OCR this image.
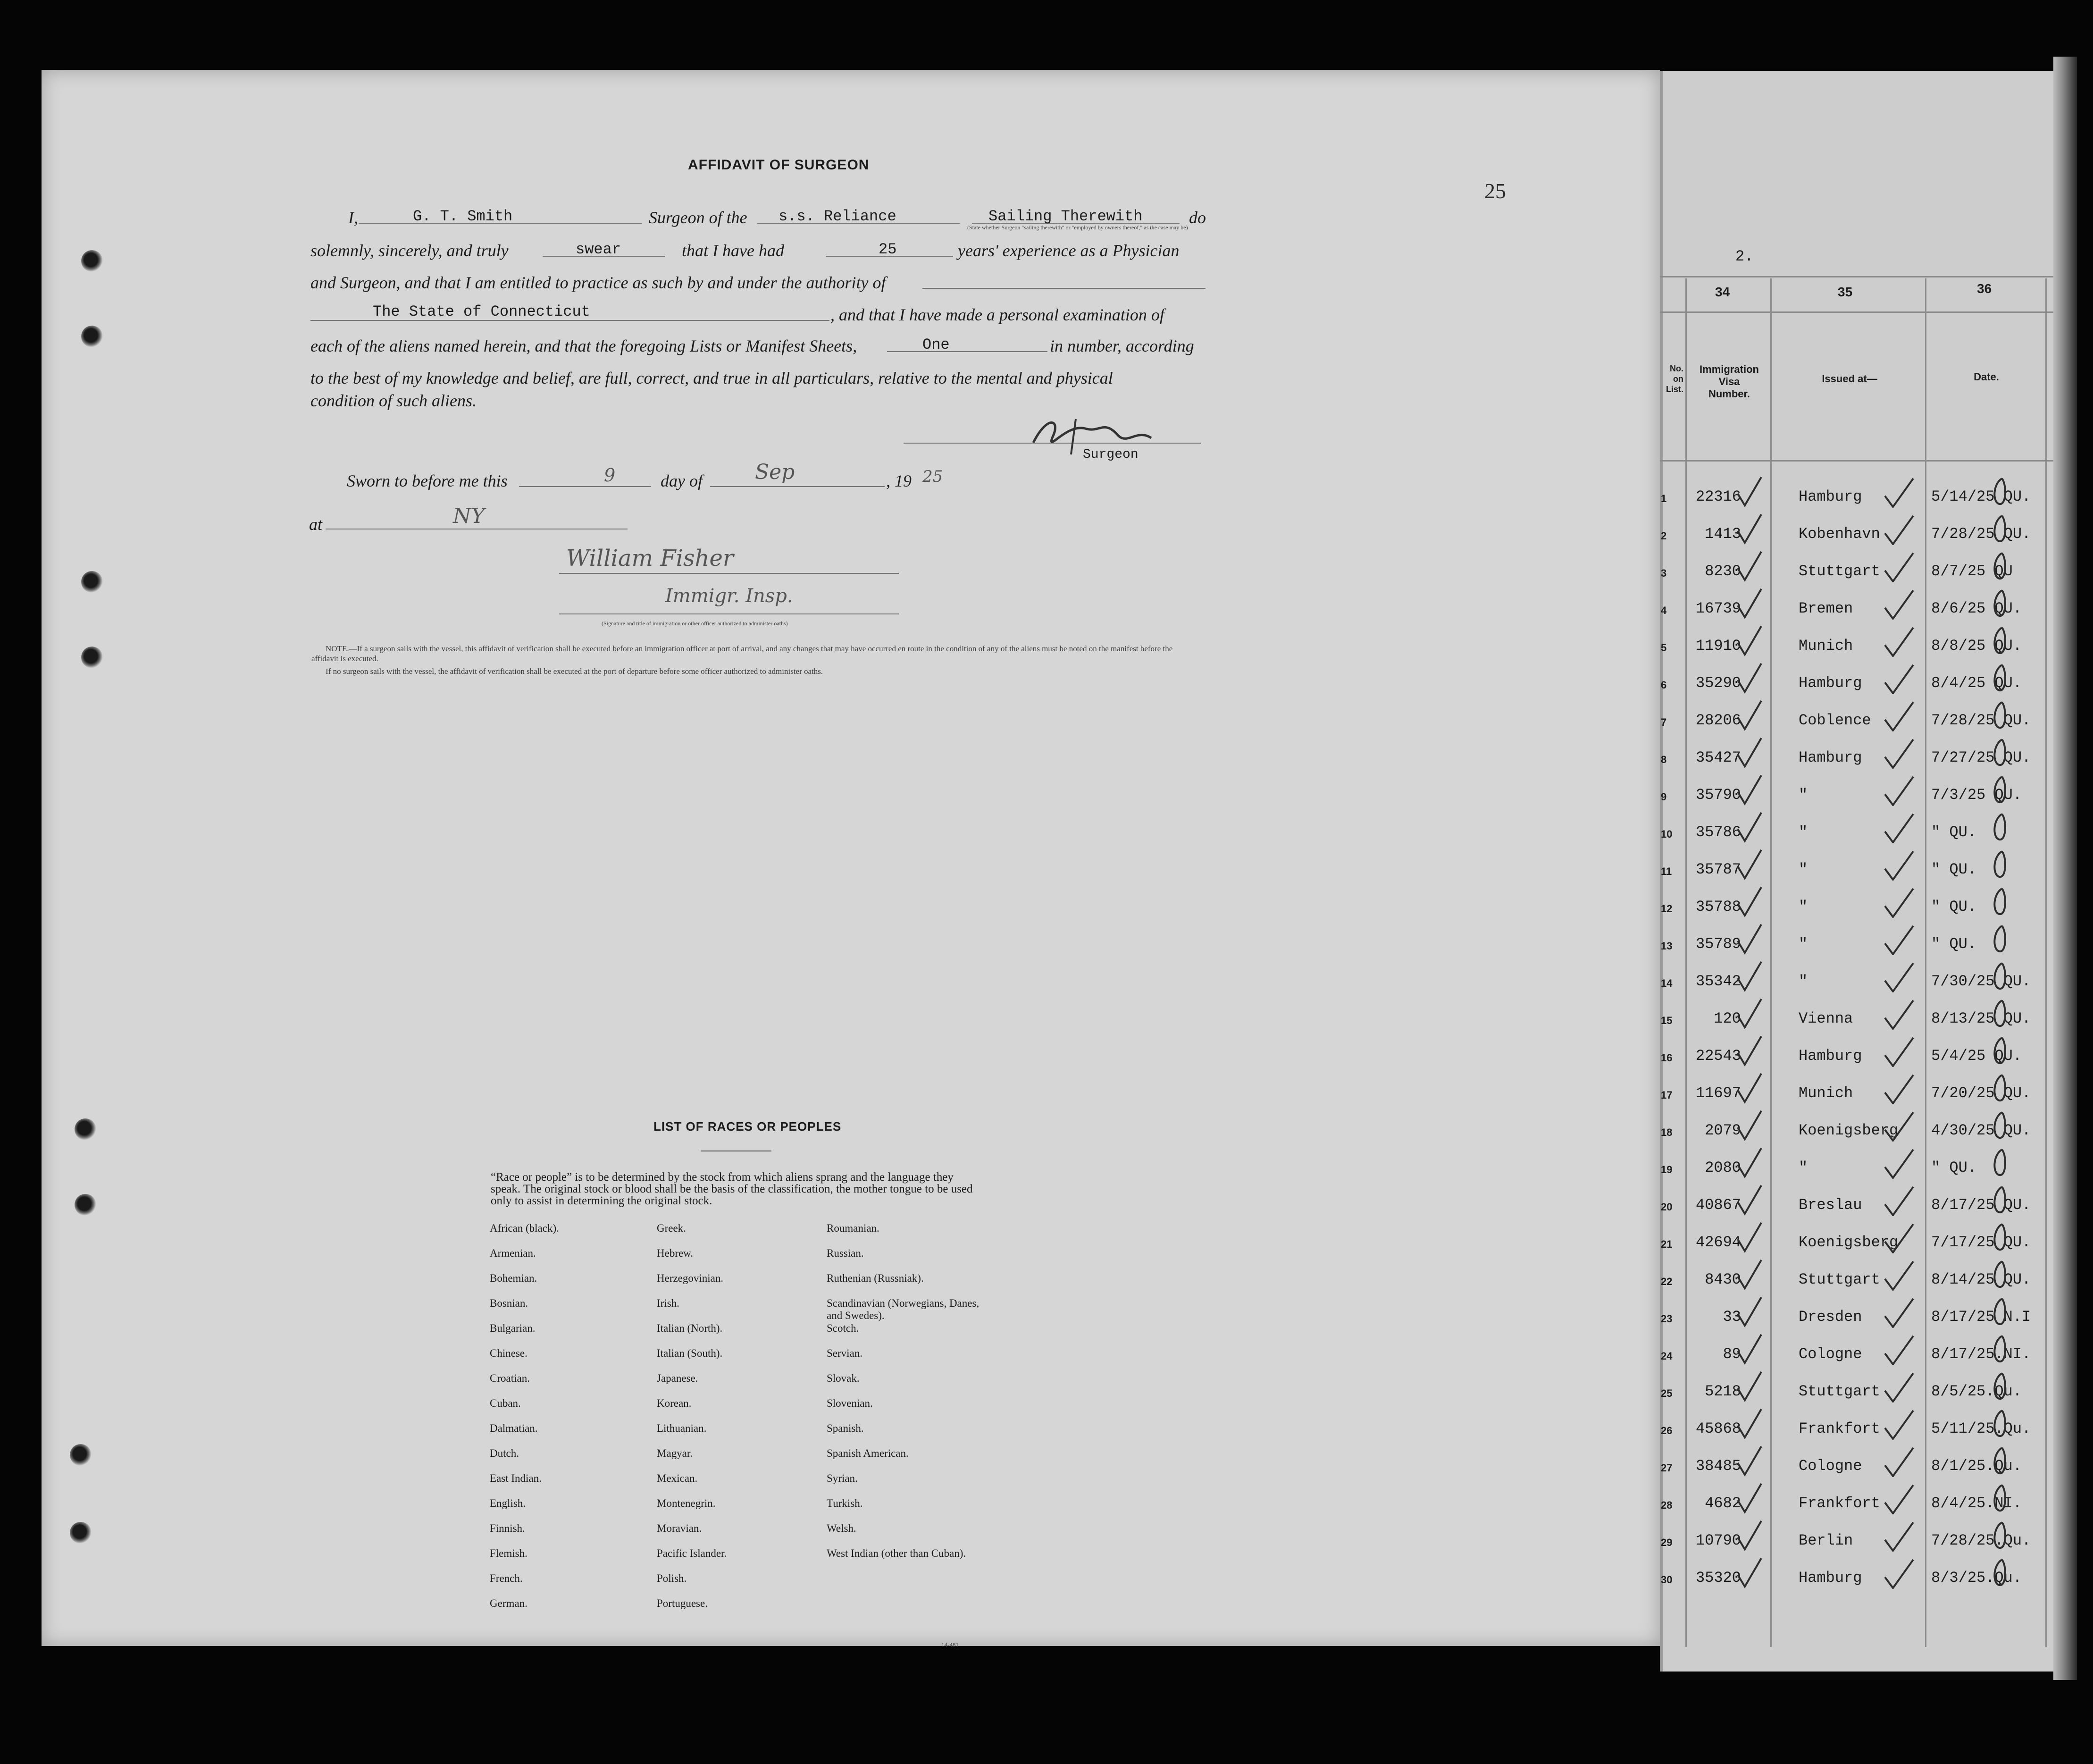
AFFIDAVIT OF SURGEON
I,	G. T. Smith	Surgeon of the s.s. Reliance	Sailing Therewith
(State whether Surgeon "sailing therewith" or "employed by owners thereof," as the case may be)
do
solemnly, sincerely, and truly	swear	that I have had	25	years' experience as a Physician
and Surgeon, and that I am entitled to practice as such by and under the authority of
The State of Connecticut	, and that I have made a personal examination of
each of the aliens named herein, and that the foregoing Lists or Manifest Sheets,	One	in number, according
to the best of my knowledge and belief, are full, correct, and true in all particulars, relative to the mental and physical
condition of such aliens.
Surgeon
Sworn to before me this	9	day of	Sep	, 19 25
at	NY
William Fisher
Immigr. Insp.
(Signature and title of immigration or other officer authorized to administer oaths)
NOTE.—If a surgeon sails with the vessel, this affidavit of verification shall be executed before an immigration officer at port of arrival, and any changes that may have occurred en route in the condition of any of the aliens must be noted on the manifest before the affidavit is executed.
If no surgeon sails with the vessel, the affidavit of verification shall be executed at the port of departure before some officer authorized to administer oaths.
LIST OF RACES OR PEOPLES
“Race or people” is to be determined by the stock from which aliens sprang and the language they speak. The original stock or blood shall be the basis of the classification, the mother tongue to be used only to assist in determining the original stock.
African (black).
Armenian.
Bohemian.
Bosnian.
Bulgarian.
Chinese.
Croatian.
Cuban.
Dalmatian.
Dutch.
East Indian.
English.
Finnish.
Flemish.
French.
German.
Greek.
Hebrew.
Herzegovinian.
Irish.
Italian (North).
Italian (South).
Japanese.
Korean.
Lithuanian.
Magyar.
Mexican.
Montenegrin.
Moravian.
Pacific Islander.
Polish.
Portuguese.
Roumanian.
Russian.
Ruthenian (Russniak).
Scandinavian (Norwegians, Danes, and Swedes).
Scotch.
Servian.
Slovak.
Slovenian.
Spanish.
Spanish American.
Syrian.
Turkish.
Welsh.
West Indian (other than Cuban).
14-481
25
2.
34	35	36
No. on List.
Immigration Visa Number.
Issued at—	Date.
1	22316	Hamburg	5/14/25 QU.
2	1413	Kobenhavn	7/28/25 QU.
3	8230	Stuttgart	8/7/25 QU
4	16739	Bremen	8/6/25 QU.
5	11910	Munich	8/8/25 QU.
6	35290	Hamburg	8/4/25 QU.
7	28206	Coblence	7/28/25 QU.
8	35427	Hamburg	7/27/25 QU.
9	35790	"	7/3/25 QU.
10	35786	"	" QU.
11	35787	"	" QU.
12	35788	"	" QU.
13	35789	"	" QU.
14	35342	"	7/30/25 QU.
15	120	Vienna	8/13/25 QU.
16	22543	Hamburg	5/4/25 QU.
17	11697	Munich	7/20/25 QU.
18	2079	Koenigsberg 4/30/25 QU.
19	2080	"	" QU.
20	40867	Breslau	8/17/25 QU.
21	42694	Koenigsberg 7/17/25 QU.
22	8430	Stuttgart	8/14/25 QU.
23	33	Dresden	8/17/25 N.I
24	89	Cologne	8/17/25.NI.
25	5218	Stuttgart	8/5/25.Qu.
26	45868	Frankfort	5/11/25.Qu.
27	38485	Cologne	8/1/25.Qu.
28	4682	Frankfort	8/4/25.NI.
29	10790	Berlin	7/28/25.Qu.
30	35320	Hamburg	8/3/25.Qu.
